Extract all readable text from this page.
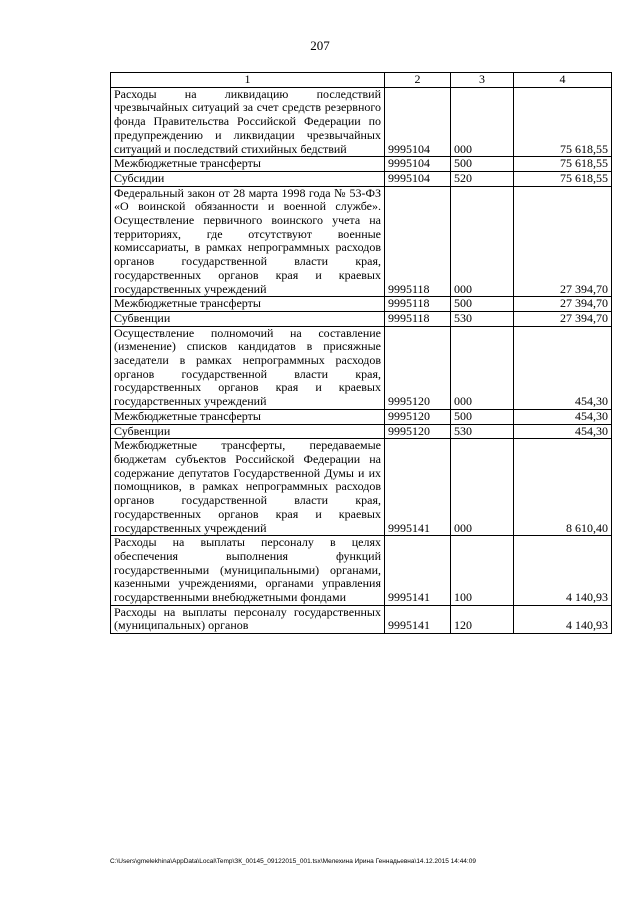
207
1	2	3	4
Расходы на ликвидацию последствий чрезвычайных ситуаций за счет средств резервного фонда Правительства Российской Федерации по предупреждению и ликвидации чрезвычайных ситуаций и последствий стихийных бедствий	9995104	000	75 618,55
Межбюджетные трансферты	9995104	500	75 618,55
Субсидии	9995104	520	75 618,55
Федеральный закон от 28 марта 1998 года № 53-ФЗ «О воинской обязанности и военной службе». Осуществление первичного воинского учета на территориях, где отсутствуют военные комиссариаты, в рамках непрограммных расходов органов государственной власти края, государственных органов края и краевых государственных учреждений	9995118	000	27 394,70
Межбюджетные трансферты	9995118	500	27 394,70
Субвенции	9995118	530	27 394,70
Осуществление полномочий на составление (изменение) списков кандидатов в присяжные заседатели в рамках непрограммных расходов органов государственной власти края, государственных органов края и краевых государственных учреждений	9995120	000	454,30
Межбюджетные трансферты	9995120	500	454,30
Субвенции	9995120	530	454,30
Межбюджетные трансферты, передаваемые бюджетам субъектов Российской Федерации на содержание депутатов Государственной Думы и их помощников, в рамках непрограммных расходов органов государственной власти края, государственных органов края и краевых государственных учреждений	9995141	000	8 610,40
Расходы на выплаты персоналу в целях обеспечения выполнения функций государственными (муниципальными) органами, казенными учреждениями, органами управления государственными внебюджетными фондами	9995141	100	4 140,93
Расходы на выплаты персоналу государственных (муниципальных) органов	9995141	120	4 140,93
C:\Users\gmelekhina\AppData\Local\Temp\ЗК_00145_09122015_001.tsx\Мелехина Ирина Геннадьевна\14.12.2015 14:44:09
